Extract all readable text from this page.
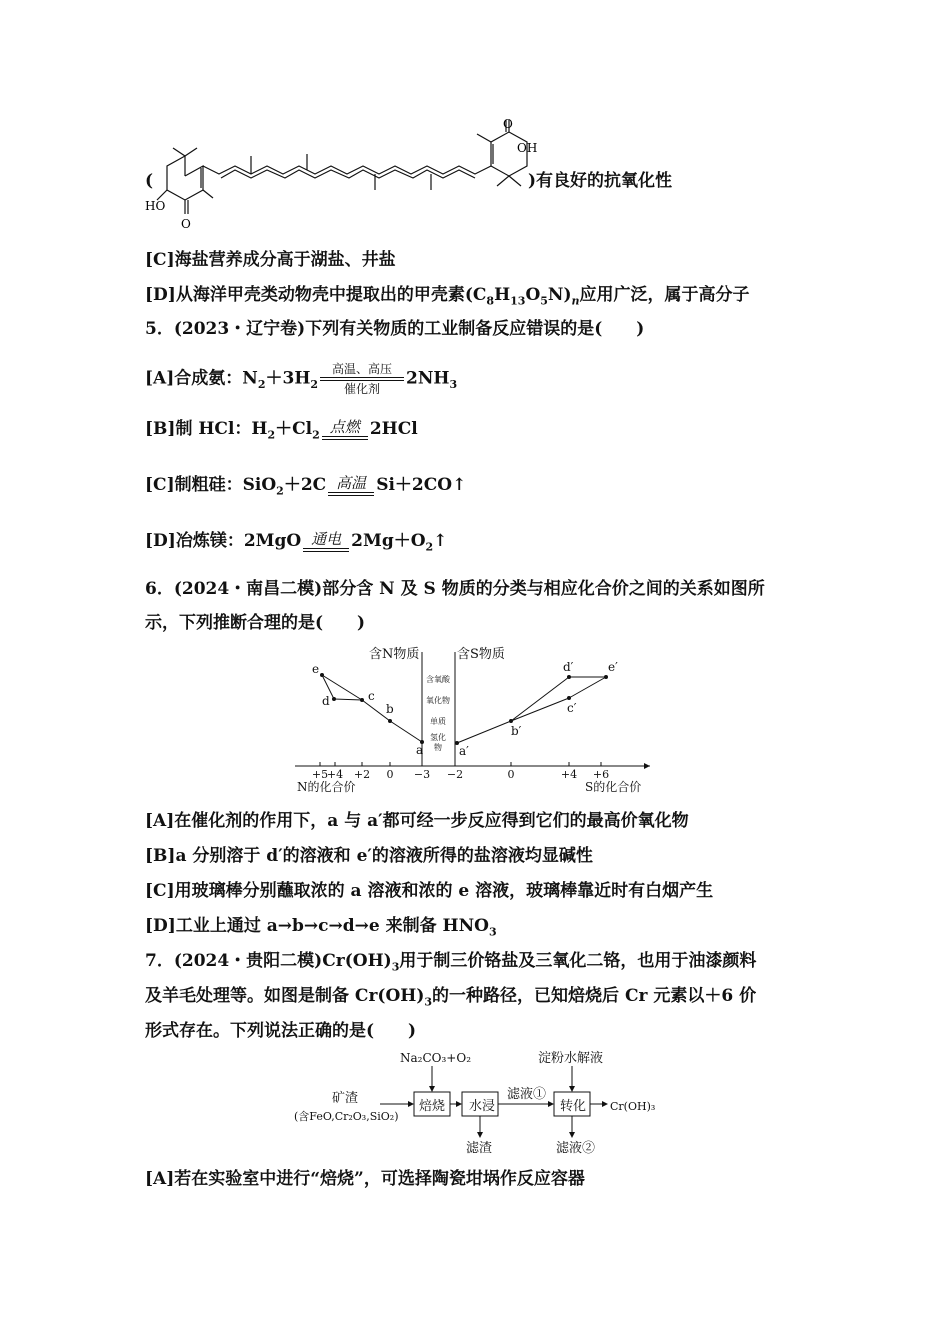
(
OH
HO
O
O
)有良好的抗氧化性
[C]海盐营养成分高于湖盐、井盐
[D]从海洋甲壳类动物壳中提取出的甲壳素$(C_8H_{13}O_5N)_n$应用广泛，属于高分子
5．(2023・辽宁卷)下列有关物质的工业制备反应错误的是(　　)
[A]合成氨：$N_2+3H_2$
高温、高压
催化剂
$2NH_3$
[B]制 HCl：$H_2+Cl_2$ 点燃 2HCl
[C]制粗硅：SiO$_2$＋2C 高温 Si＋2CO↑
[D]冶炼镁：2MgO 通电 $2Mg+O_2↑$
6．(2024・南昌二模)部分含 N 及 S 物质的分类与相应化合价之间的关系如图所
示，下列推断合理的是(　　)
含N物质	含S物质
氢化
物
单质
氧化物
含氧酸
+5
+4 +2 0 −3 −2	0	+4 +6
N的化合价	S的化合价
e
d	c
b
a	a′
b′
c′
d′	e′
[A]在催化剂的作用下，a 与 a′都可经一步反应得到它们的最高价氧化物
[B]a 分别溶于 d′的溶液和 e′的溶液所得的盐溶液均显碱性
[C]用玻璃棒分别蘸取浓的 a 溶液和浓的 e 溶液，玻璃棒靠近时有白烟产生
[D]工业上通过 a→b→c→d→e 来制备 $HNO_3$
7．(2024・贵阳二模)$Cr(OH)_3$用于制三价铬盐及三氧化二铬，也用于油漆颜料
及羊毛处理等。如图是制备 $Cr(OH)_3$的一种路径，已知焙烧后 Cr 元素以＋6 价
形式存在。下列说法正确的是(　　)
Na₂CO₃+O₂	淀粉水解液
矿渣
(含FeO,Cr₂O₃,SiO₂)
焙烧 水浸
滤液①
转化 Cr(OH)₃
滤渣	滤液②
[A]若在实验室中进行“焙烧”，可选择陶瓷坩埚作反应容器
